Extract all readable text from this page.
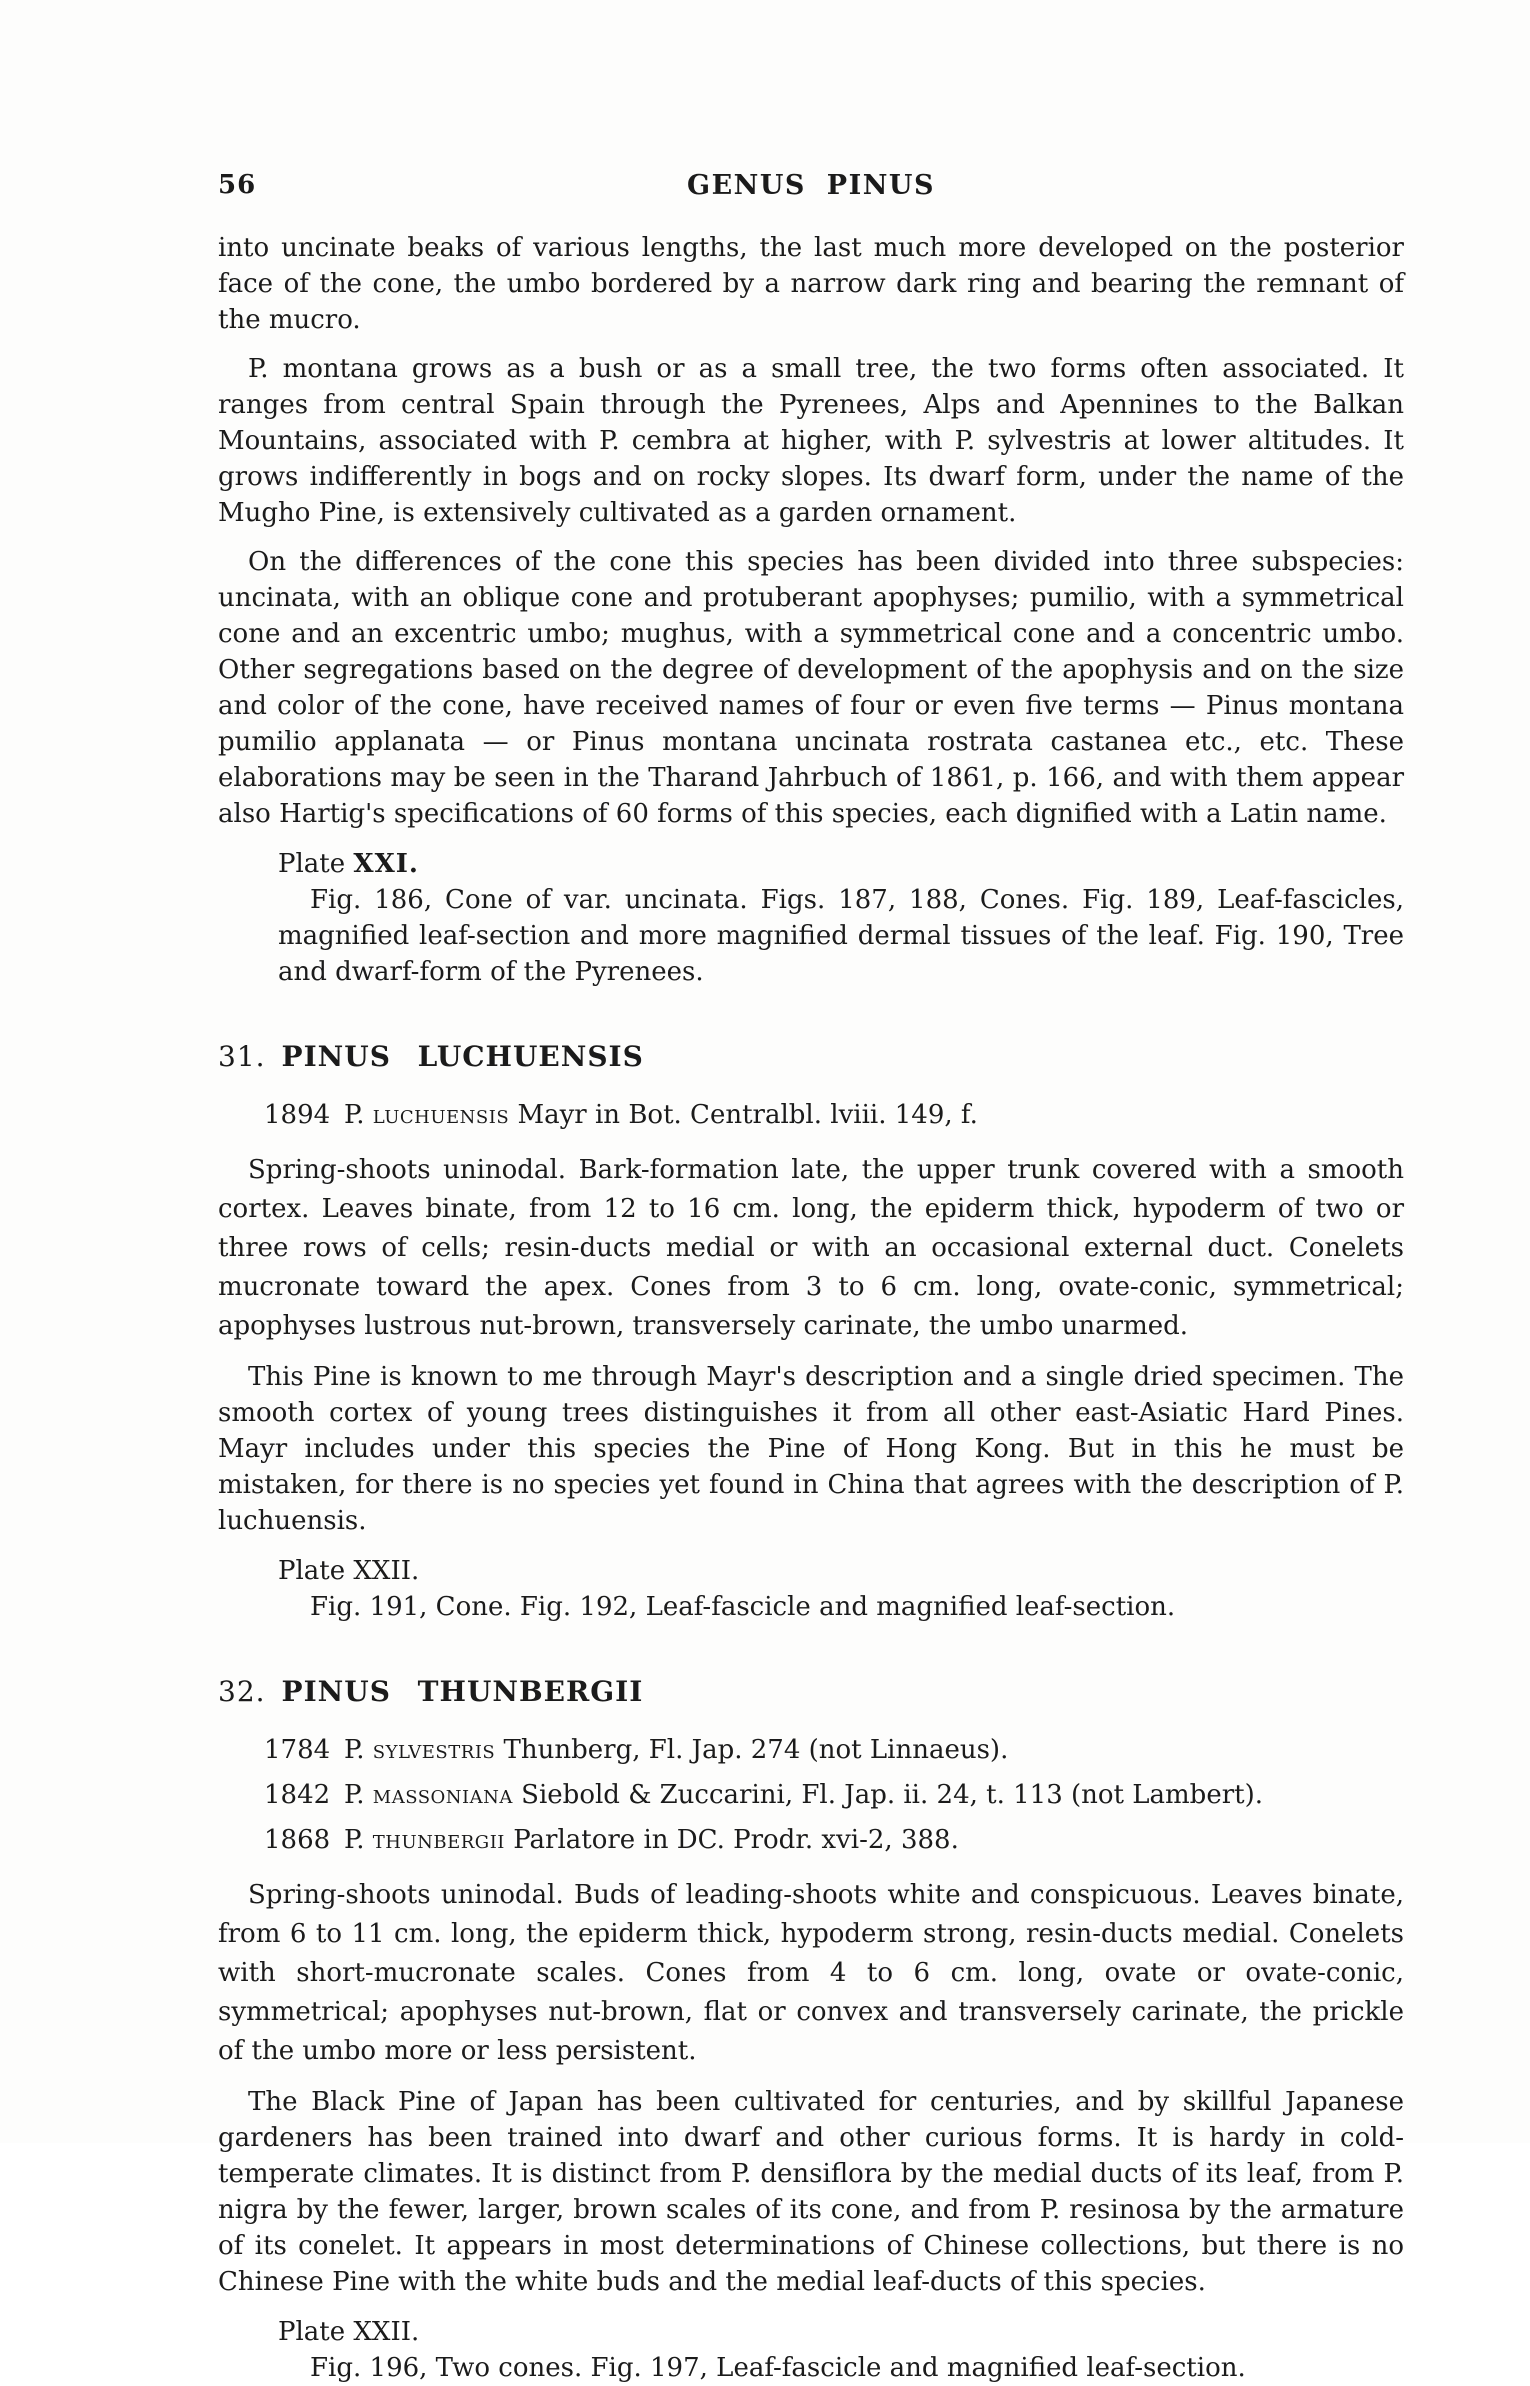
56	GENUS PINUS

into uncinate beaks of various lengths, the last much more developed on the posterior face of the cone, the umbo bordered by a narrow dark ring and bearing the remnant of the mucro.

P. montana grows as a bush or as a small tree, the two forms often associated. It ranges from central Spain through the Pyrenees, Alps and Apennines to the Balkan Mountains, associated with P. cembra at higher, with P. sylvestris at lower altitudes. It grows indifferently in bogs and on rocky slopes. Its dwarf form, under the name of the Mugho Pine, is extensively cultivated as a garden ornament.

On the differences of the cone this species has been divided into three subspecies: uncinata, with an oblique cone and protuberant apophyses; pumilio, with a symmetrical cone and an excentric umbo; mughus, with a symmetrical cone and a concentric umbo. Other segregations based on the degree of development of the apophysis and on the size and color of the cone, have received names of four or even five terms — Pinus montana pumilio applanata — or Pinus montana uncinata rostrata castanea etc., etc. These elaborations may be seen in the Tharand Jahrbuch of 1861, p. 166, and with them appear also Hartig's specifications of 60 forms of this species, each dignified with a Latin name.

Plate XXI.

Fig. 186, Cone of var. uncinata. Figs. 187, 188, Cones. Fig. 189, Leaf-fascicles, magnified leaf-section and more magnified dermal tissues of the leaf. Fig. 190, Tree and dwarf-form of the Pyrenees.

31. PINUS LUCHUENSIS

1894 P. luchuensis Mayr in Bot. Centralbl. lviii. 149, f.

Spring-shoots uninodal. Bark-formation late, the upper trunk covered with a smooth cortex. Leaves binate, from 12 to 16 cm. long, the epiderm thick, hypoderm of two or three rows of cells; resin-ducts medial or with an occasional external duct. Conelets mucronate toward the apex. Cones from 3 to 6 cm. long, ovate-conic, symmetrical; apophyses lustrous nut-brown, transversely carinate, the umbo unarmed.

This Pine is known to me through Mayr's description and a single dried specimen. The smooth cortex of young trees distinguishes it from all other east-Asiatic Hard Pines. Mayr includes under this species the Pine of Hong Kong. But in this he must be mistaken, for there is no species yet found in China that agrees with the description of P. luchuensis.

Plate XXII.

Fig. 191, Cone. Fig. 192, Leaf-fascicle and magnified leaf-section.

32. PINUS THUNBERGII

1784 P. sylvestris Thunberg, Fl. Jap. 274 (not Linnaeus).

1842 P. massoniana Siebold & Zuccarini, Fl. Jap. ii. 24, t. 113 (not Lambert).

1868 P. thunbergii Parlatore in DC. Prodr. xvi-2, 388.

Spring-shoots uninodal. Buds of leading-shoots white and conspicuous. Leaves binate, from 6 to 11 cm. long, the epiderm thick, hypoderm strong, resin-ducts medial. Conelets with short-mucronate scales. Cones from 4 to 6 cm. long, ovate or ovate-conic, symmetrical; apophyses nut-brown, flat or convex and transversely carinate, the prickle of the umbo more or less persistent.

The Black Pine of Japan has been cultivated for centuries, and by skillful Japanese gardeners has been trained into dwarf and other curious forms. It is hardy in cold-temperate climates. It is distinct from P. densiflora by the medial ducts of its leaf, from P. nigra by the fewer, larger, brown scales of its cone, and from P. resinosa by the armature of its conelet. It appears in most determinations of Chinese collections, but there is no Chinese Pine with the white buds and the medial leaf-ducts of this species.

Plate XXII.

Fig. 196, Two cones. Fig. 197, Leaf-fascicle and magnified leaf-section.
